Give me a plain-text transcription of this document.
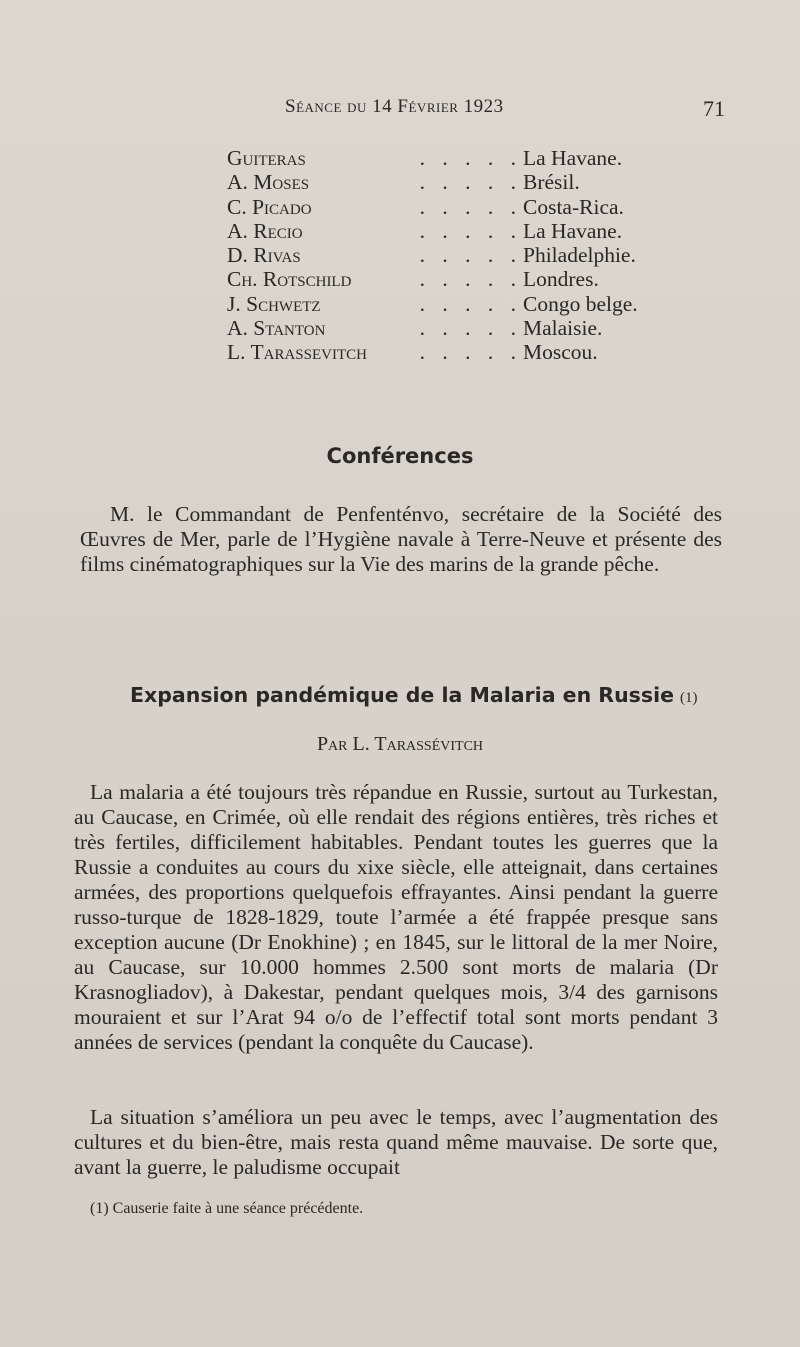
Séance du 14 Février 1923	71
Guiteras	. . . . . La Havane.
A. Moses	. . . . . Brésil.
C. Picado	. . . . . Costa-Rica.
A. Recio	. . . . . La Havane.
D. Rivas	. . . . . Philadelphie.
Ch. Rotschild	. . . . . Londres.
J. Schwetz	. . . . . Congo belge.
A. Stanton	. . . . . Malaisie.
L. Tarassevitch	. . . . . Moscou.
Conférences
M. le Commandant de Penfenténvo, secrétaire de la Société des Œuvres de Mer, parle de l’Hygiène navale à Terre-Neuve et présente des films cinématographiques sur la Vie des marins de la grande pêche.
Expansion pandémique de la Malaria en Russie (1)
Par L. Tarassévitch
La malaria a été toujours très répandue en Russie, surtout au Turkestan, au Caucase, en Crimée, où elle rendait des régions entières, très riches et très fertiles, difficilement habitables. Pendant toutes les guerres que la Russie a conduites au cours du xixe siècle, elle atteignait, dans certaines armées, des proportions quelquefois effrayantes. Ainsi pendant la guerre russo-turque de 1828-1829, toute l’armée a été frappée presque sans exception aucune (Dr Enokhine) ; en 1845, sur le littoral de la mer Noire, au Caucase, sur 10.000 hommes 2.500 sont morts de malaria (Dr Krasnogliadov), à Dakestar, pendant quelques mois, 3/4 des garnisons mouraient et sur l’Arat 94 o/o de l’effectif total sont morts pendant 3 années de services (pendant la conquête du Caucase).
La situation s’améliora un peu avec le temps, avec l’augmentation des cultures et du bien-être, mais resta quand même mauvaise. De sorte que, avant la guerre, le paludisme occupait
(1) Causerie faite à une séance précédente.
